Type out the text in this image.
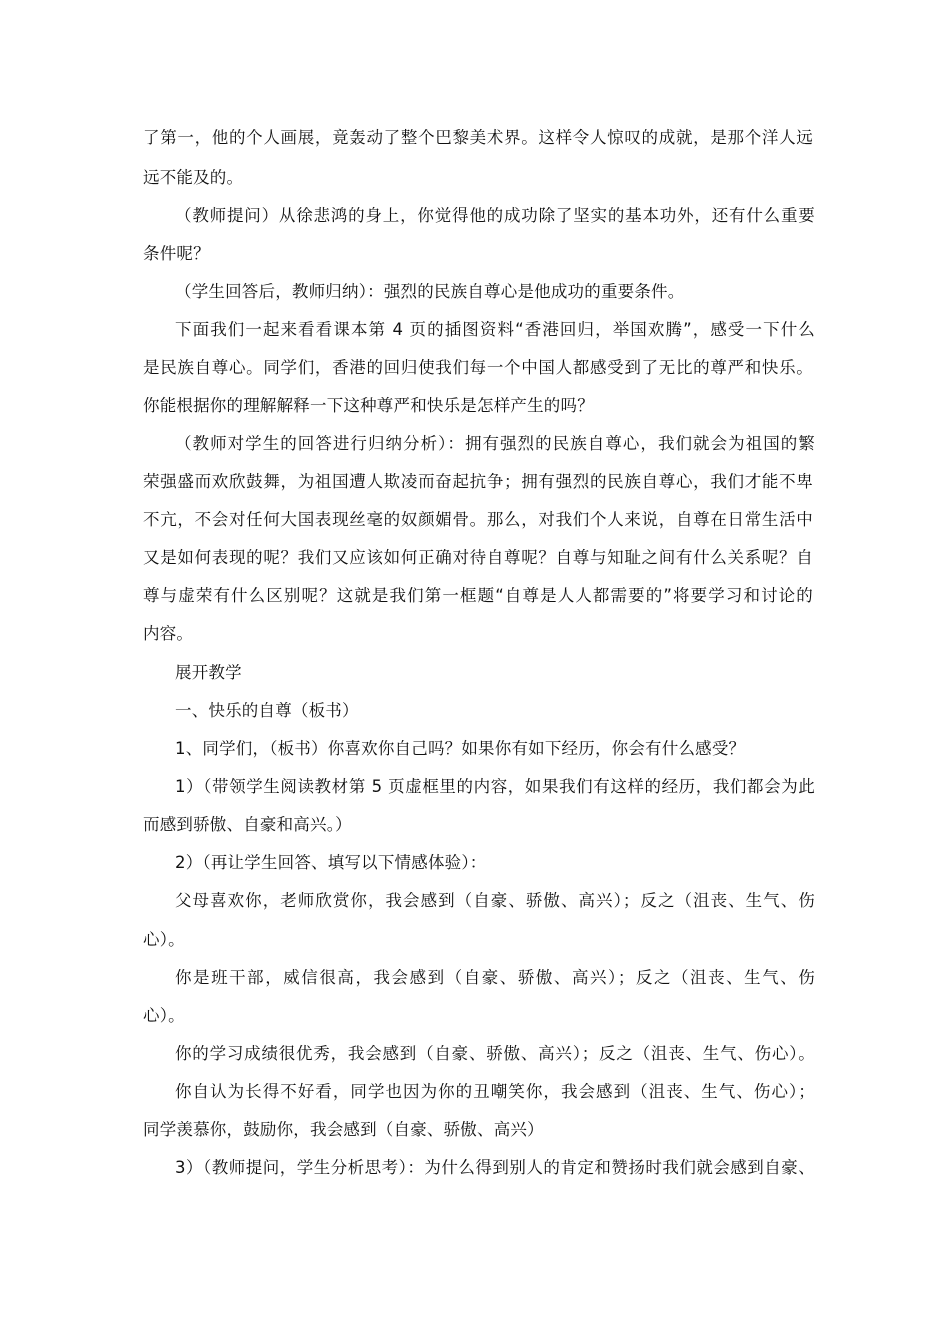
了第一，他的个人画展，竟轰动了整个巴黎美术界。这样令人惊叹的成就，是那个洋人远
远不能及的。
（教师提问）从徐悲鸿的身上，你觉得他的成功除了坚实的基本功外，还有什么重要
条件呢？
（学生回答后，教师归纳）：强烈的民族自尊心是他成功的重要条件。
下面我们一起来看看课本第 4 页的插图资料“香港回归，举国欢腾”，感受一下什么
是民族自尊心。同学们，香港的回归使我们每一个中国人都感受到了无比的尊严和快乐。
你能根据你的理解解释一下这种尊严和快乐是怎样产生的吗？
（教师对学生的回答进行归纳分析）：拥有强烈的民族自尊心，我们就会为祖国的繁
荣强盛而欢欣鼓舞，为祖国遭人欺凌而奋起抗争；拥有强烈的民族自尊心，我们才能不卑
不亢，不会对任何大国表现丝毫的奴颜媚骨。那么，对我们个人来说，自尊在日常生活中
又是如何表现的呢？我们又应该如何正确对待自尊呢？自尊与知耻之间有什么关系呢？自
尊与虚荣有什么区别呢？这就是我们第一框题“自尊是人人都需要的”将要学习和讨论的
内容。
展开教学
一、快乐的自尊（板书）
1、同学们，（板书）你喜欢你自己吗？如果你有如下经历，你会有什么感受？
1）（带领学生阅读教材第 5 页虚框里的内容，如果我们有这样的经历，我们都会为此
而感到骄傲、自豪和高兴。）
2）（再让学生回答、填写以下情感体验）：
父母喜欢你，老师欣赏你，我会感到（自豪、骄傲、高兴）；反之（沮丧、生气、伤
心）。
你是班干部，威信很高，我会感到（自豪、骄傲、高兴）；反之（沮丧、生气、伤
心）。
你的学习成绩很优秀，我会感到（自豪、骄傲、高兴）；反之（沮丧、生气、伤心）。
你自认为长得不好看，同学也因为你的丑嘲笑你，我会感到（沮丧、生气、伤心）；
同学羡慕你，鼓励你，我会感到（自豪、骄傲、高兴）
3）（教师提问，学生分析思考）：为什么得到别人的肯定和赞扬时我们就会感到自豪、
